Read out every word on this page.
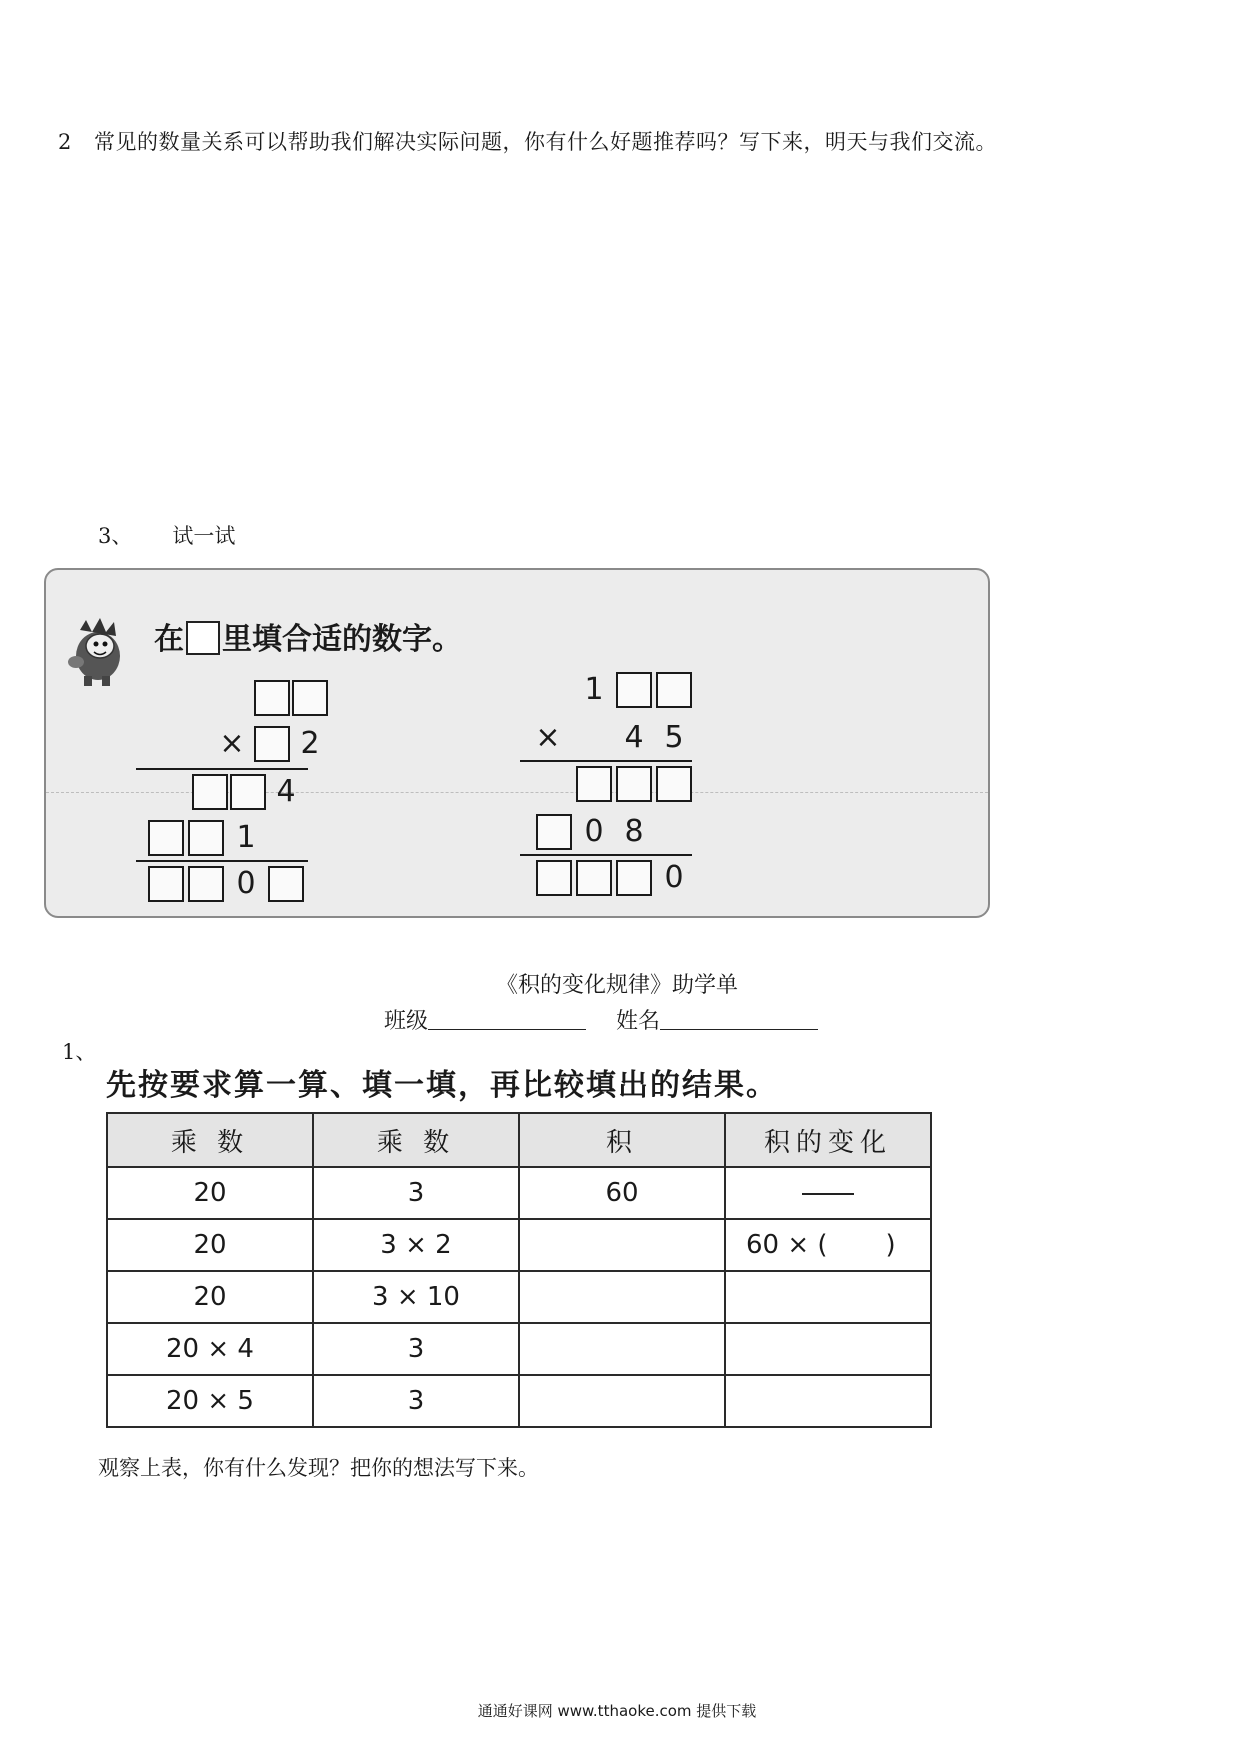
2 常见的数量关系可以帮助我们解决实际问题，你有什么好题推荐吗？写下来，明天与我们交流。
3、 试一试
在 里填合适的数字。
× 2
4
1
0
1
× 4 5
0 8
0
《积的变化规律》助学单
班级	姓名
1、
先按要求算一算、填一填，再比较填出的结果。
乘 数	乘 数	积	积的变化
20	3	60	
20	3 × 2		60 × ( )
20	3 × 10		
20 × 4	3		
20 × 5	3		
观察上表，你有什么发现？把你的想法写下来。
通通好课网 www.tthaoke.com 提供下载
